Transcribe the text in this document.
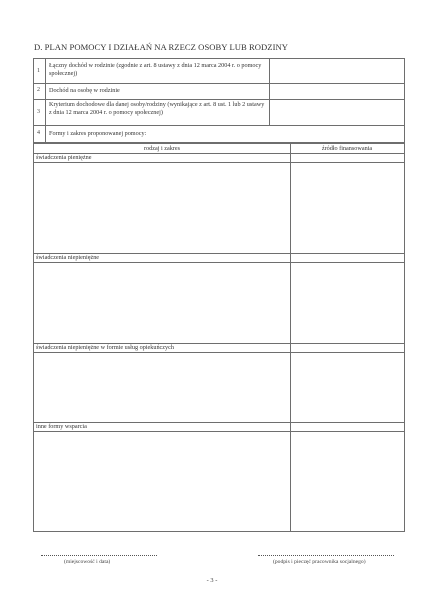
D. PLAN POMOCY I DZIAŁAŃ NA RZECZ OSOBY LUB RODZINY
1
Łączny dochód w rodzinie (zgodnie z art. 8 ustawy z dnia 12 marca 2004 r. o pomocy społecznej)
2 Dochód na osobę w rodzinie
3
Kryterium dochodowe dla danej osoby/rodziny (wynikające z art. 8 ust. 1 lub 2 ustawy z dnia 12 marca 2004 r. o pomocy społecznej)
4 Formy i zakres proponowanej pomocy:
rodzaj i zakres	źródło finansowania
świadczenia pieniężne
świadczenia niepieniężne
świadczenia niepieniężne w formie usług opiekuńczych
inne formy wsparcia
(miejscowość i data)	(podpis i pieczęć pracownika socjalnego)
- 3 -
